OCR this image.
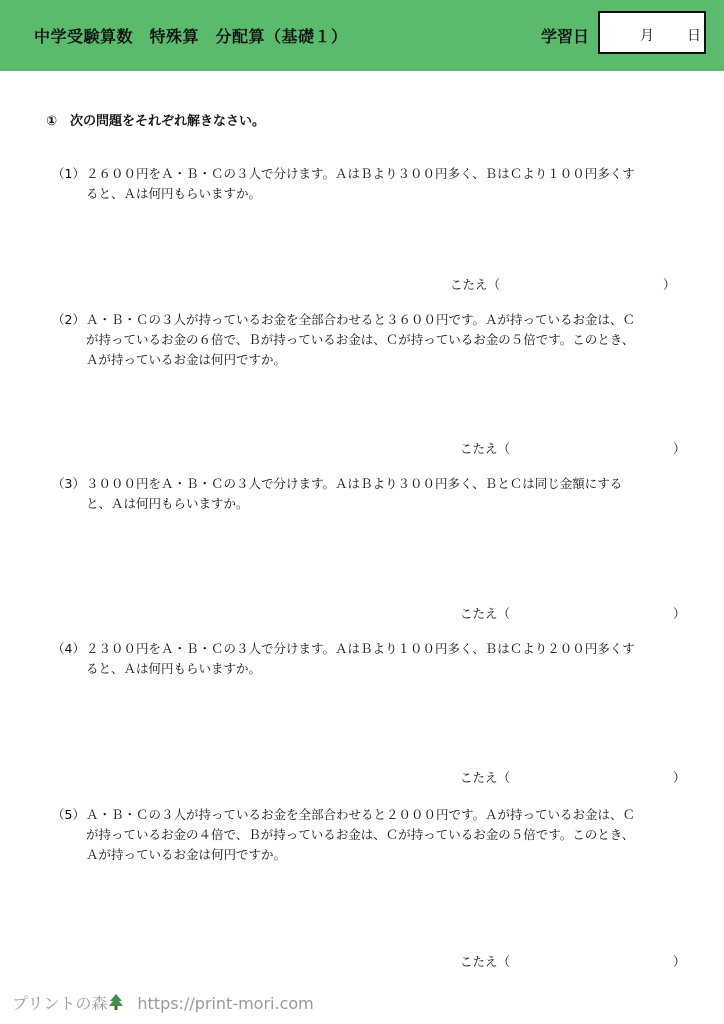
中学受験算数　特殊算　分配算（基礎１）	学習日	月 日
①　次の問題をそれぞれ解きなさい。
（1） ２６００円をＡ・Ｂ・Ｃの３人で分けます。ＡはＢより３００円多く、ＢはＣより１００円多くす
ると、Ａは何円もらいますか。
こたえ（	）
（2） Ａ・Ｂ・Ｃの３人が持っているお金を全部合わせると３６００円です。Ａが持っているお金は、Ｃ
が持っているお金の６倍で、Ｂが持っているお金は、Ｃが持っているお金の５倍です。このとき、
Ａが持っているお金は何円ですか。
こたえ（	）
（3） ３０００円をＡ・Ｂ・Ｃの３人で分けます。ＡはＢより３００円多く、ＢとＣは同じ金額にする
と、Ａは何円もらいますか。
こたえ（	）
（4） ２３００円をＡ・Ｂ・Ｃの３人で分けます。ＡはＢより１００円多く、ＢはＣより２００円多くす
ると、Ａは何円もらいますか。
こたえ（	）
（5） Ａ・Ｂ・Ｃの３人が持っているお金を全部合わせると２０００円です。Ａが持っているお金は、Ｃ
が持っているお金の４倍で、Ｂが持っているお金は、Ｃが持っているお金の５倍です。このとき、
Ａが持っているお金は何円ですか。
こたえ（	）
プリントの森 https://print-mori.com
